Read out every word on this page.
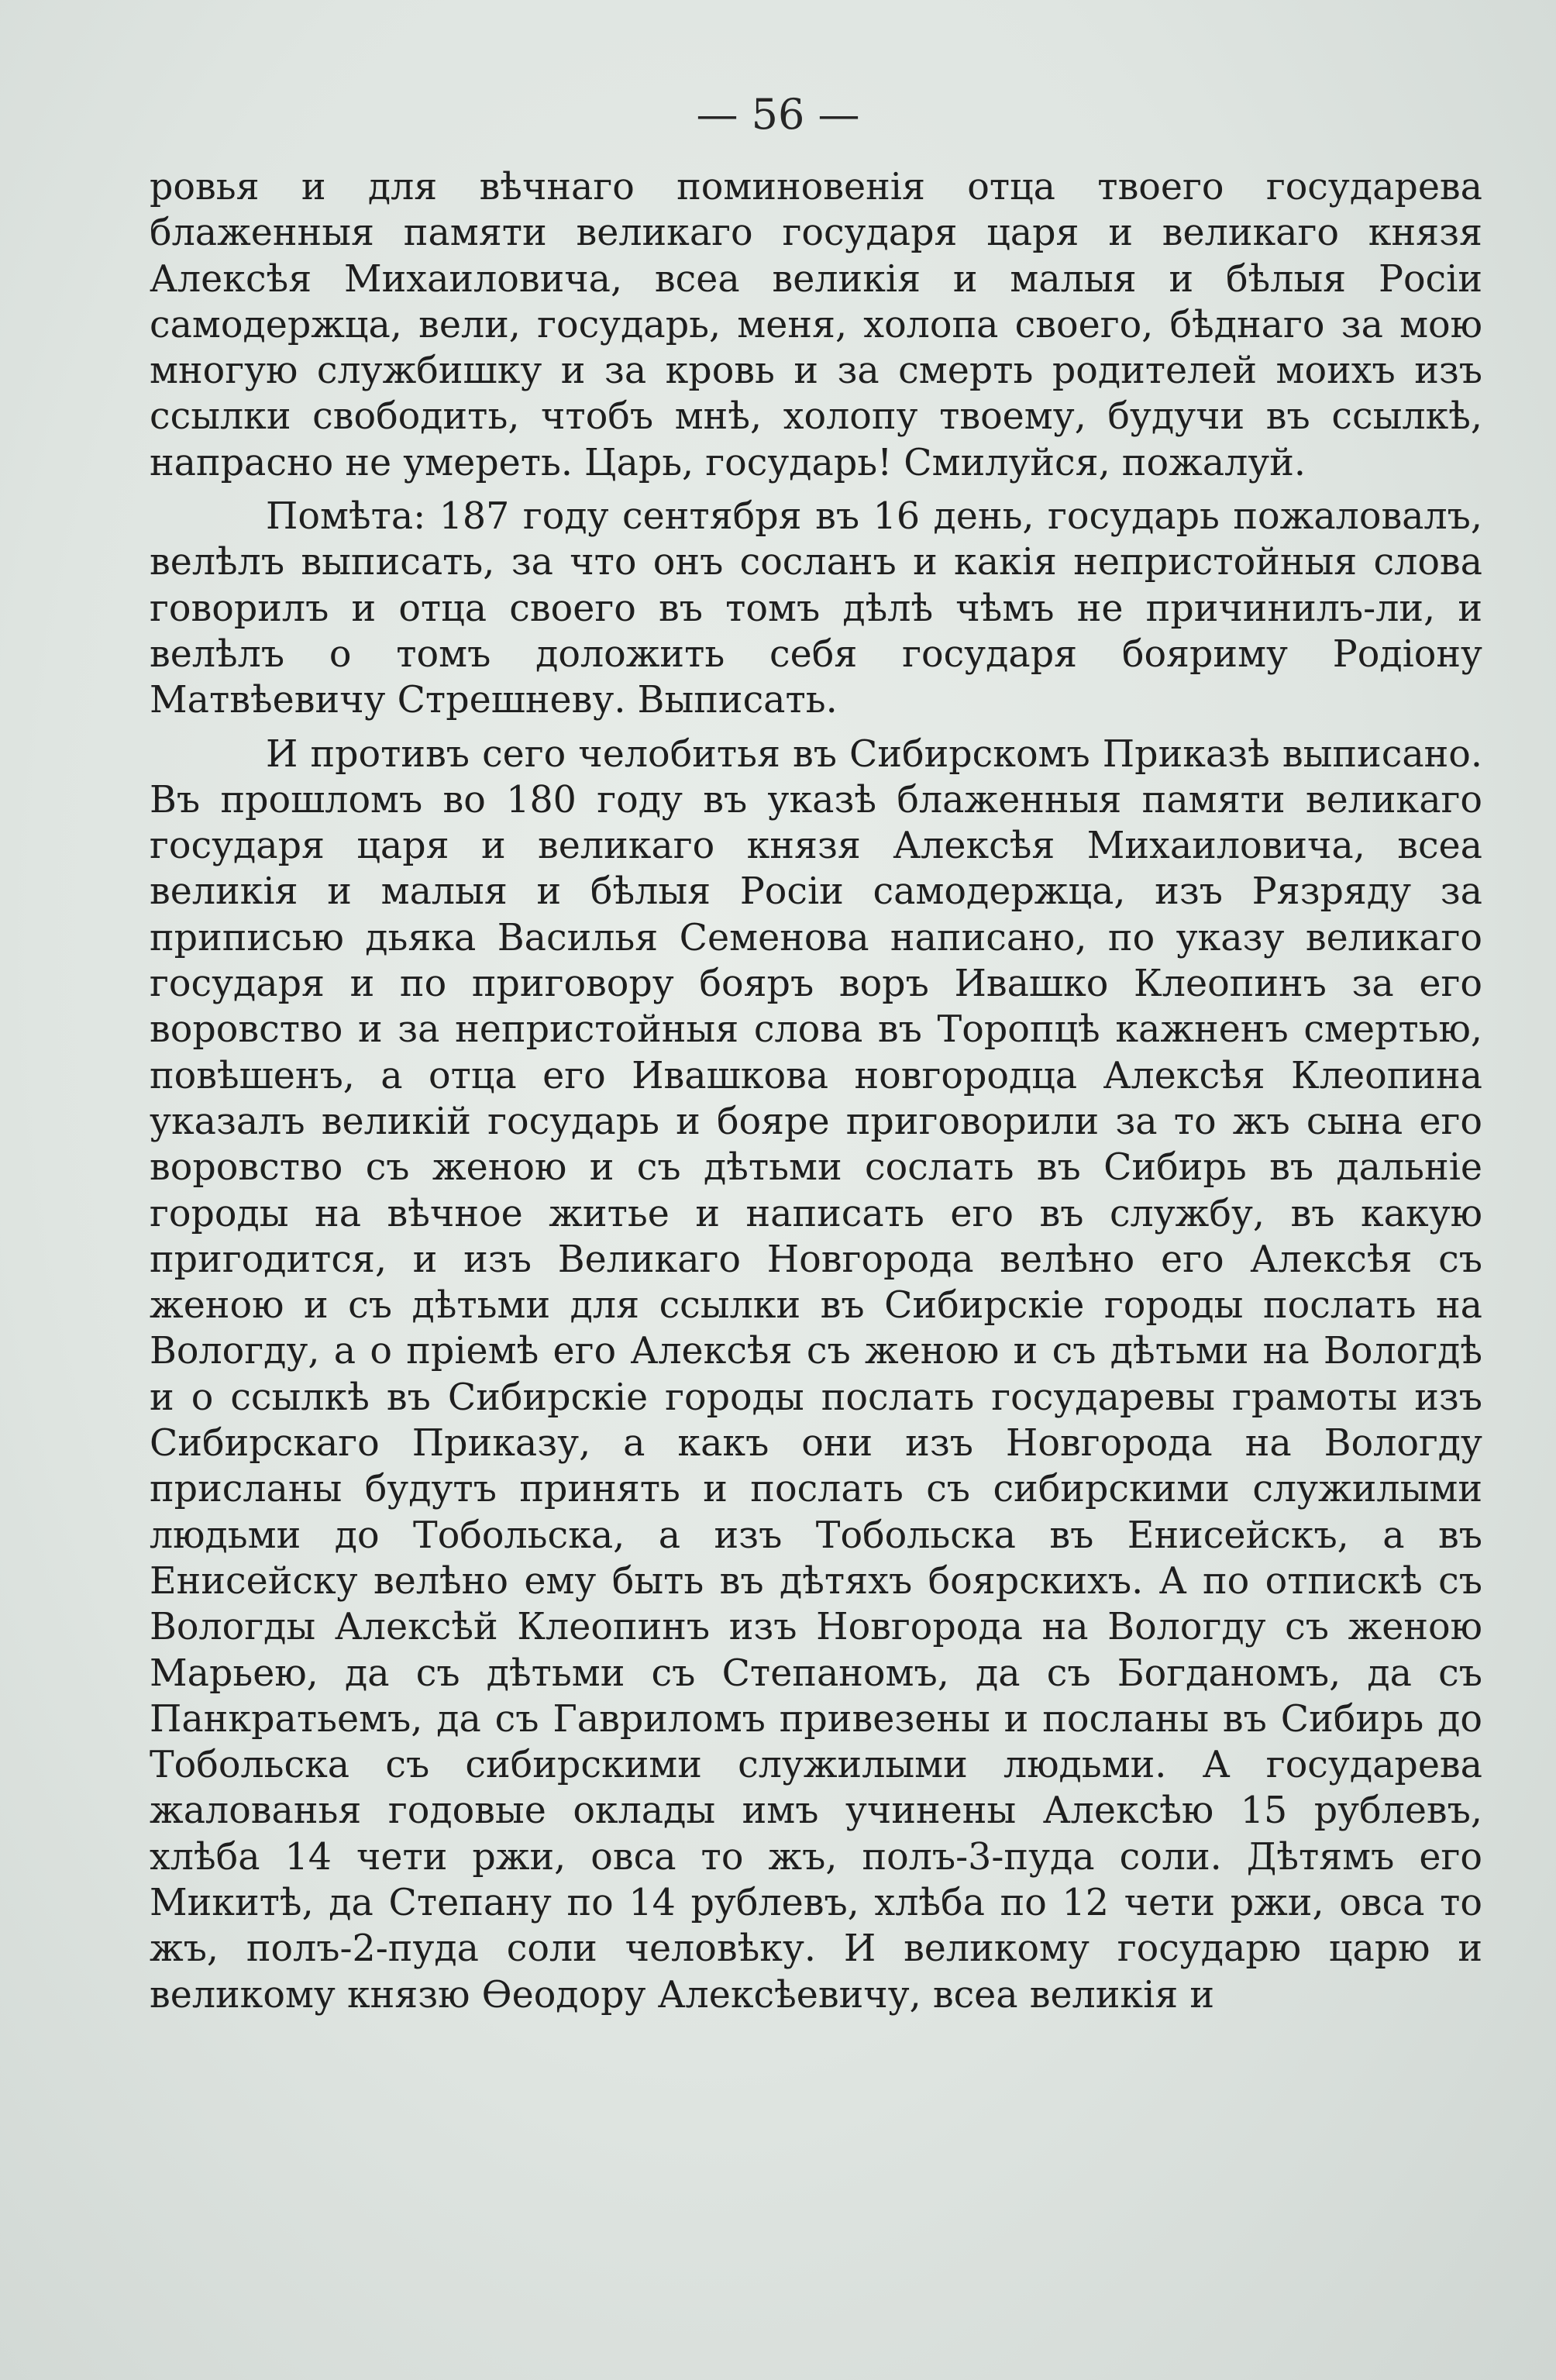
— 56 —

ровья и для вѣчнаго поминовенія отца твоего государева блаженныя памяти великаго государя царя и великаго князя Алексѣя Михаиловича, всеа великія и малыя и бѣлыя Росіи самодержца, вели, государь, меня, холопа своего, бѣднаго за мою многую службишку и за кровь и за смерть родителей моихъ изъ ссылки свободить, чтобъ мнѣ, холопу твоему, будучи въ ссылкѣ, напрасно не умереть. Царь, государь! Смилуйся, пожалуй.

Помѣта: 187 году сентября въ 16 день, государь пожаловалъ, велѣлъ выписать, за что онъ сосланъ и какія непристойныя слова говорилъ и отца своего въ томъ дѣлѣ чѣмъ не причинилъ-ли, и велѣлъ о томъ доложить себя государя бояриму Родіону Матвѣевичу Стрешневу. Выписать.

И противъ сего челобитья въ Сибирскомъ Приказѣ выписано. Въ прошломъ во 180 году въ указѣ блаженныя памяти великаго государя царя и великаго князя Алексѣя Михаиловича, всеа великія и малыя и бѣлыя Росіи самодержца, изъ Рязряду за приписью дьяка Василья Семенова написано, по указу великаго государя и по приговору бояръ воръ Ивашко Клеопинъ за его воровство и за непристойныя слова въ Торопцѣ кажненъ смертью, повѣшенъ, а отца его Ивашкова новгородца Алексѣя Клеопина указалъ великій государь и бояре приговорили за то жъ сына его воровство съ женою и съ дѣтьми сослать въ Сибирь въ дальніе городы на вѣчное житье и написать его въ службу, въ какую пригодится, и изъ Великаго Новгорода велѣно его Алексѣя съ женою и съ дѣтьми для ссылки въ Сибирскіе городы послать на Вологду, а о пріемѣ его Алексѣя съ женою и съ дѣтьми на Вологдѣ и о ссылкѣ въ Сибирскіе городы послать государевы грамоты изъ Сибирскаго Приказу, а какъ они изъ Новгорода на Вологду присланы будутъ принять и послать съ сибирскими служилыми людьми до Тобольска, а изъ Тобольска въ Енисейскъ, а въ Енисейску велѣно ему быть въ дѣтяхъ боярскихъ. А по отпискѣ съ Вологды Алексѣй Клеопинъ изъ Новгорода на Вологду съ женою Марьею, да съ дѣтьми съ Степаномъ, да съ Богданомъ, да съ Панкратьемъ, да съ Гавриломъ привезены и посланы въ Сибирь до Тобольска съ сибирскими служилыми людьми. А государева жалованья годовые оклады имъ учинены Алексѣю 15 рублевъ, хлѣба 14 чети ржи, овса то жъ, полъ-3-пуда соли. Дѣтямъ его Микитѣ, да Степану по 14 рублевъ, хлѣба по 12 чети ржи, овса то жъ, полъ-2-пуда соли человѣку. И великому государю царю и великому князю Ѳеодору Алексѣевичу, всеа великія и
